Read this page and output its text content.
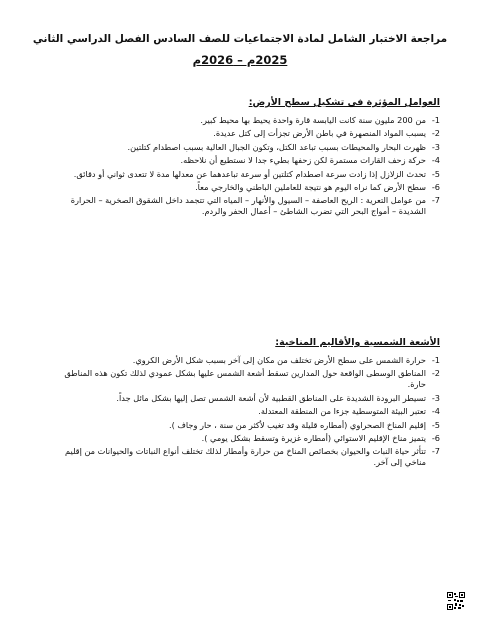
مراجعة الاختبار الشامل لمادة الاجتماعيات للصف السادس الفصل الدراسي الثاني
2025م – 2026م
العوامل المؤثرة في تشكيل سطح الأرض:
1-
من 200 مليون سنة كانت اليابسة قارة واحدة يحيط بها محيط كبير.
2-
يسبب المواد المنصهرة في باطن الأرض تجزأت إلى كتل عديدة.
3-
ظهرت البحار والمحيطات بسبب تباعد الكتل، وتكون الجبال العالية بسبب اصطدام كتلتين.
4-
حركة زحف القارات مستمرة لكن زحفها بطيء جدا لا نستطيع أن نلاحظه.
5-
تحدث الزلازل إذا زادت سرعة اصطدام كتلتين أو سرعة تباعدهما عن معدلها مدة لا تتعدى ثواني أو دقائق.
6-
سطح الأرض كما نراه اليوم هو نتيجة للعاملين الباطني والخارجي معاً.
7-
من عوامل التعرية : الريح العاصفة – السيول والأنهار – المياه التي تتجمد داخل الشقوق الصخرية – الحرارة الشديدة – أمواج البحر التي تضرب الشاطئ – أعمال الحفر والردم.
الأشعة الشمسية والأقاليم المناخية:
1-
حرارة الشمس على سطح الأرض تختلف من مكان إلى آخر بسبب شكل الأرض الكروي.
2-
المناطق الوسطى الواقعة حول المدارين تسقط أشعة الشمس عليها بشكل عمودي لذلك تكون هذه المناطق حارة.
3-
تسيطر البرودة الشديدة على المناطق القطبية لأن أشعة الشمس تصل إليها بشكل مائل جداً.
4-
تعتبر البيئة المتوسطية جزءا من المنطقة المعتدلة.
5-
إقليم المناخ الصحراوي (أمطاره قليلة وقد تغيب لأكثر من سنة ، حار وجاف ).
6-
يتميز مناخ الإقليم الاستوائي (أمطاره غزيرة وتسقط بشكل يومي ).
7-
تتأثر حياة النبات والحيوان بخصائص المناخ من حرارة وأمطار لذلك تختلف أنواع النباتات والحيوانات من إقليم مناخي إلى آخر.
